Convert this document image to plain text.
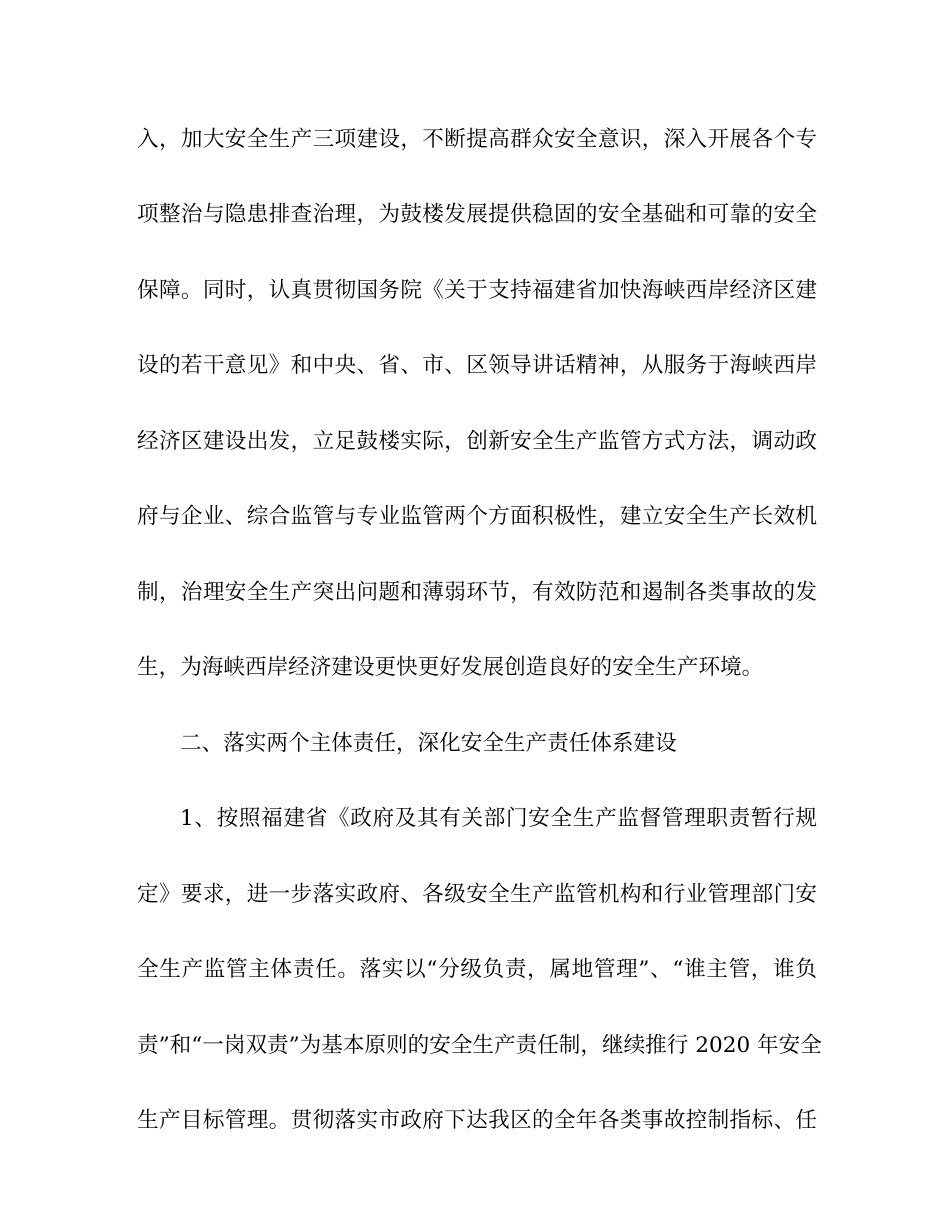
入，加大安全生产三项建设，不断提高群众安全意识，深入开展各个专
项整治与隐患排查治理，为鼓楼发展提供稳固的安全基础和可靠的安全
保障。同时，认真贯彻国务院《关于支持福建省加快海峡西岸经济区建
设的若干意见》和中央、省、市、区领导讲话精神，从服务于海峡西岸
经济区建设出发，立足鼓楼实际，创新安全生产监管方式方法，调动政
府与企业、综合监管与专业监管两个方面积极性，建立安全生产长效机
制，治理安全生产突出问题和薄弱环节，有效防范和遏制各类事故的发
生，为海峡西岸经济建设更快更好发展创造良好的安全生产环境。
二、落实两个主体责任，深化安全生产责任体系建设
1、按照福建省《政府及其有关部门安全生产监督管理职责暂行规
定》要求，进一步落实政府、各级安全生产监管机构和行业管理部门安
全生产监管主体责任。落实以“分级负责，属地管理”、“谁主管，谁负
责”和“一岗双责”为基本原则的安全生产责任制，继续推行 2020 年安全
生产目标管理。贯彻落实市政府下达我区的全年各类事故控制指标、任
